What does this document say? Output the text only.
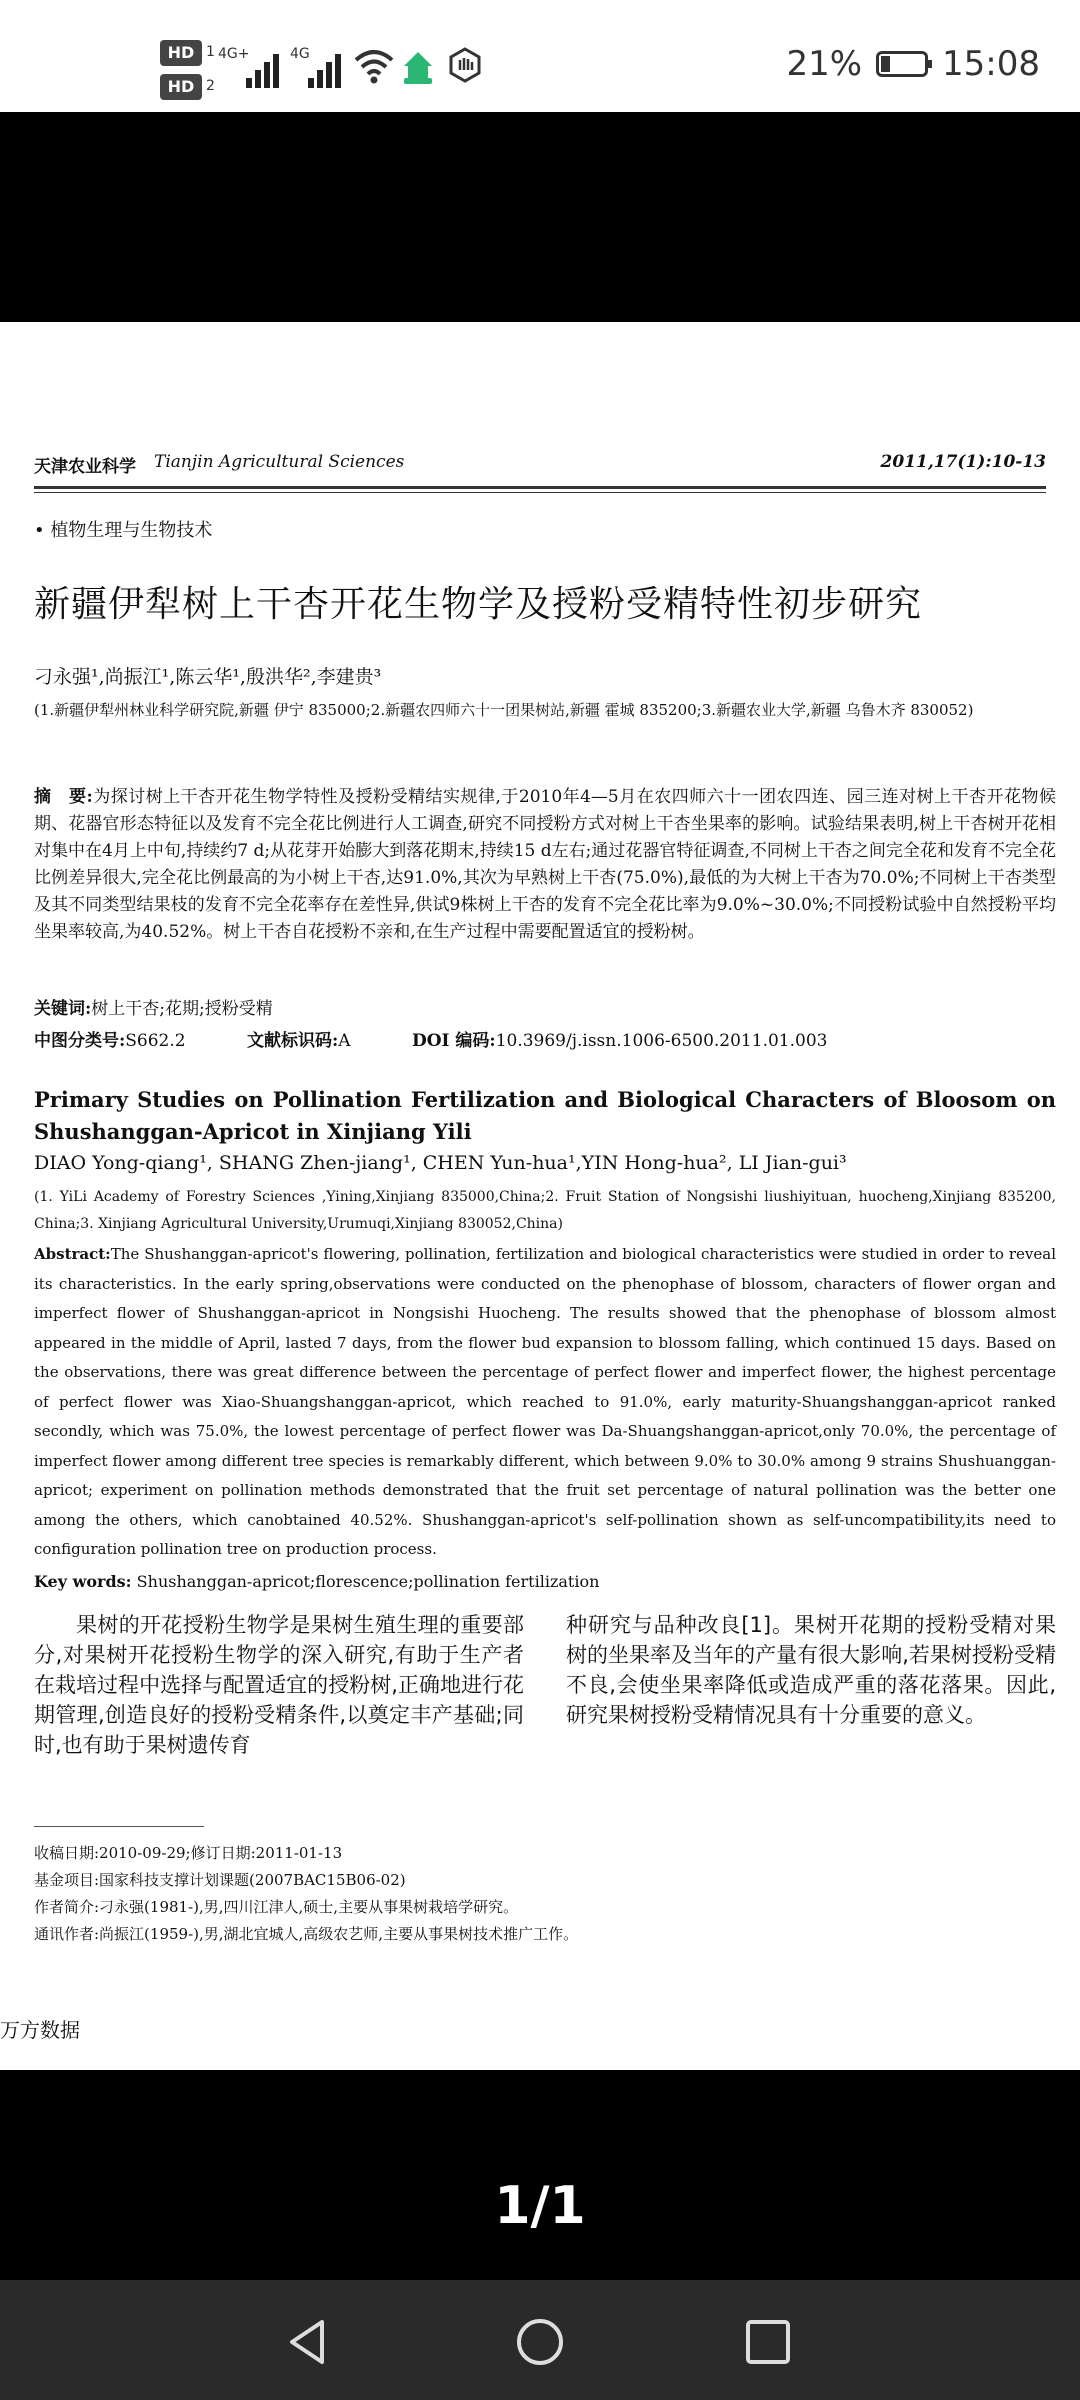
HD 1
HD 2
4G+	4G	21% 15:08
天津农业科学 Tianjin Agricultural Sciences	2011,17(1):10-13
• 植物生理与生物技术
新疆伊犁树上干杏开花生物学及授粉受精特性初步研究
刁永强¹,尚振江¹,陈云华¹,殷洪华²,李建贵³
(1.新疆伊犁州林业科学研究院,新疆 伊宁 835000;2.新疆农四师六十一团果树站,新疆 霍城 835200;3.新疆农业大学,新疆 乌鲁木齐 830052)
摘　要:为探讨树上干杏开花生物学特性及授粉受精结实规律,于2010年4—5月在农四师六十一团农四连、园三连对树上干杏开花物候期、花器官形态特征以及发育不完全花比例进行人工调查,研究不同授粉方式对树上干杏坐果率的影响。试验结果表明,树上干杏树开花相对集中在4月上中旬,持续约7 d;从花芽开始膨大到落花期末,持续15 d左右;通过花器官特征调查,不同树上干杏之间完全花和发育不完全花比例差异很大,完全花比例最高的为小树上干杏,达91.0%,其次为早熟树上干杏(75.0%),最低的为大树上干杏为70.0%;不同树上干杏类型及其不同类型结果枝的发育不完全花率存在差性异,供试9株树上干杏的发育不完全花比率为9.0%~30.0%;不同授粉试验中自然授粉平均坐果率较高,为40.52%。树上干杏自花授粉不亲和,在生产过程中需要配置适宜的授粉树。
关键词:树上干杏;花期;授粉受精
中图分类号:S662.2	文献标识码:A	DOI 编码:10.3969/j.issn.1006-6500.2011.01.003
Primary Studies on Pollination Fertilization and Biological Characters of Bloosom on Shushanggan-Apricot in Xinjiang Yili
DIAO Yong-qiang¹, SHANG Zhen-jiang¹, CHEN Yun-hua¹,YIN Hong-hua², LI Jian-gui³
(1. YiLi Academy of Forestry Sciences ,Yining,Xinjiang 835000,China;2. Fruit Station of Nongsishi liushiyituan, huocheng,Xinjiang 835200, China;3. Xinjiang Agricultural University,Urumuqi,Xinjiang 830052,China)
Abstract:The Shushanggan-apricot's flowering, pollination, fertilization and biological characteristics were studied in order to reveal its characteristics. In the early spring,observations were conducted on the phenophase of blossom, characters of flower organ and imperfect flower of Shushanggan-apricot in Nongsishi Huocheng. The results showed that the phenophase of blossom almost appeared in the middle of April, lasted 7 days, from the flower bud expansion to blossom falling, which continued 15 days. Based on the observations, there was great difference between the percentage of perfect flower and imperfect flower, the highest percentage of perfect flower was Xiao-Shuangshanggan-apricot, which reached to 91.0%, early maturity-Shuangshanggan-apricot ranked secondly, which was 75.0%, the lowest percentage of perfect flower was Da-Shuangshanggan-apricot,only 70.0%, the percentage of imperfect flower among different tree species is remarkably different, which between 9.0% to 30.0% among 9 strains Shushuanggan-apricot; experiment on pollination methods demonstrated that the fruit set percentage of natural pollination was the better one among the others, which canobtained 40.52%. Shushanggan-apricot's self-pollination shown as self-uncompatibility,its need to configuration pollination tree on production process.
Key words: Shushanggan-apricot;florescence;pollination fertilization
果树的开花授粉生物学是果树生殖生理的重要部分,对果树开花授粉生物学的深入研究,有助于生产者在栽培过程中选择与配置适宜的授粉树,正确地进行花期管理,创造良好的授粉受精条件,以奠定丰产基础;同时,也有助于果树遗传育
种研究与品种改良[1]。果树开花期的授粉受精对果树的坐果率及当年的产量有很大影响,若果树授粉受精不良,会使坐果率降低或造成严重的落花落果。因此,研究果树授粉受精情况具有十分重要的意义。
收稿日期:2010-09-29;修订日期:2011-01-13
基金项目:国家科技支撑计划课题(2007BAC15B06-02)
作者简介:刁永强(1981-),男,四川江津人,硕士,主要从事果树栽培学研究。
通讯作者:尚振江(1959-),男,湖北宜城人,高级农艺师,主要从事果树技术推广工作。
万方数据
1/1
